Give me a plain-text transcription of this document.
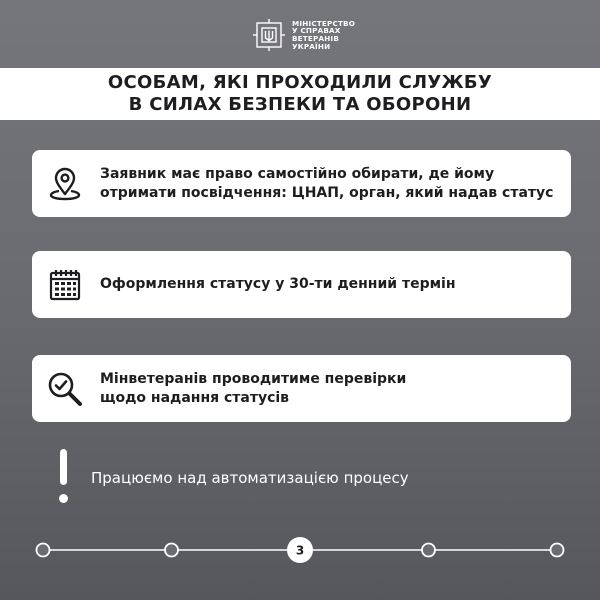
МІНІСТЕРСТВО
У СПРАВАХ
ВЕТЕРАНІВ
УКРАЇНИ
ОСОБАМ, ЯКІ ПРОХОДИЛИ СЛУЖБУ
В СИЛАХ БЕЗПЕКИ ТА ОБОРОНИ
Заявник має право самостійно обирати, де йому
отримати посвідчення: ЦНАП, орган, який надав статус
Оформлення статусу у 30-ти денний термін
Мінветеранів проводитиме перевірки
щодо надання статусів
Працюємо над автоматизацією процесу
3
